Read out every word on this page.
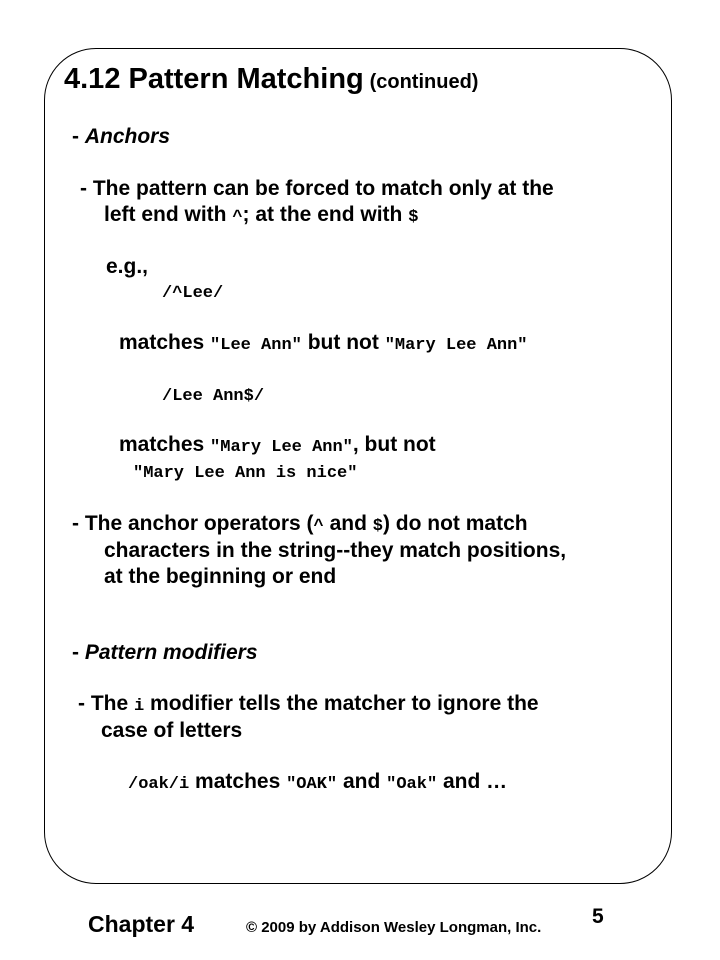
4.12 Pattern Matching (continued)
- Anchors
- The pattern can be forced to match only at the
left end with ^; at the end with $
e.g.,
/^Lee/
matches "Lee Ann" but not "Mary Lee Ann"
/Lee Ann$/
matches "Mary Lee Ann", but not
"Mary Lee Ann is nice"
- The anchor operators (^ and $) do not match
characters in the string--they match positions,
at the beginning or end
- Pattern modifiers
- The i modifier tells the matcher to ignore the
case of letters
/oak/i matches "OAK" and "Oak" and …
Chapter 4	© 2009 by Addison Wesley Longman, Inc. 5
